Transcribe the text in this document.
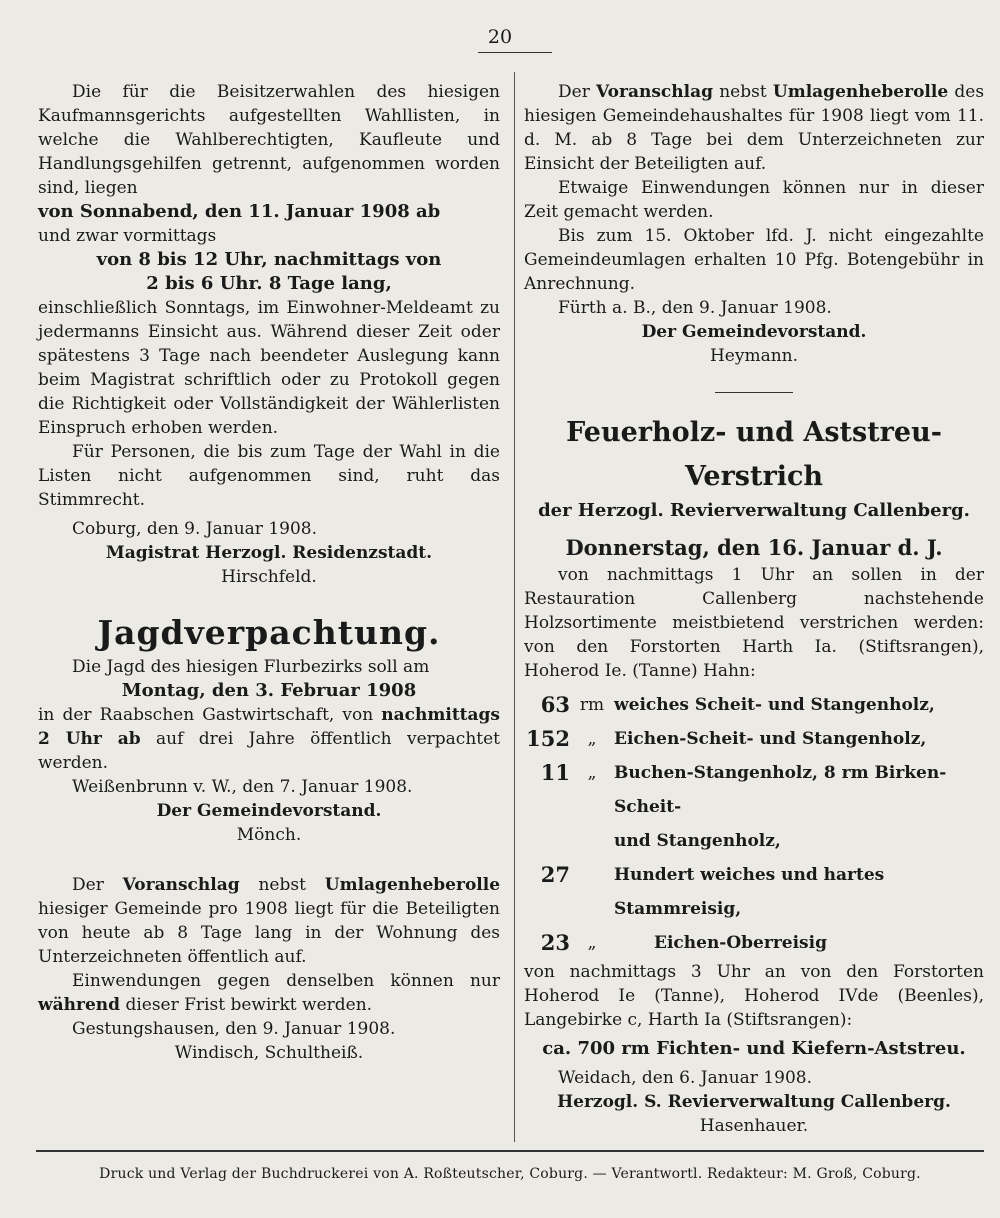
20

Die für die Beisitzerwahlen des hiesigen Kaufmannsgerichts aufgestellten Wahllisten, in welche die Wahlberechtigten, Kaufleute und Handlungsgehilfen getrennt, aufgenommen worden sind, liegen

von Sonnabend, den 11. Januar 1908 ab

und zwar vormittags

von 8 bis 12 Uhr, nachmittags von

2 bis 6 Uhr. 8 Tage lang,

einschließlich Sonntags, im Einwohner-Meldeamt zu jedermanns Einsicht aus. Während dieser Zeit oder spätestens 3 Tage nach beendeter Auslegung kann beim Magistrat schriftlich oder zu Protokoll gegen die Richtigkeit oder Vollständigkeit der Wählerlisten Einspruch erhoben werden.

Für Personen, die bis zum Tage der Wahl in die Listen nicht aufgenommen sind, ruht das Stimmrecht.

Coburg, den 9. Januar 1908.

Magistrat Herzogl. Residenzstadt.

Hirschfeld.

Jagdverpachtung.

Die Jagd des hiesigen Flurbezirks soll am

Montag, den 3. Februar 1908

in der Raabschen Gastwirtschaft, von nachmittags 2 Uhr ab auf drei Jahre öffentlich verpachtet werden.

Weißenbrunn v. W., den 7. Januar 1908.

Der Gemeindevorstand.

Mönch.

Der Voranschlag nebst Umlagenheberolle hiesiger Gemeinde pro 1908 liegt für die Beteiligten von heute ab 8 Tage lang in der Wohnung des Unterzeichneten öffentlich auf.

Einwendungen gegen denselben können nur während dieser Frist bewirkt werden.

Gestungshausen, den 9. Januar 1908.

Windisch, Schultheiß.

Der Voranschlag nebst Umlagenheberolle des hiesigen Gemeindehaushaltes für 1908 liegt vom 11. d. M. ab 8 Tage bei dem Unterzeichneten zur Einsicht der Beteiligten auf.

Etwaige Einwendungen können nur in dieser Zeit gemacht werden.

Bis zum 15. Oktober lfd. J. nicht eingezahlte Gemeindeumlagen erhalten 10 Pfg. Botengebühr in Anrechnung.

Fürth a. B., den 9. Januar 1908.

Der Gemeindevorstand.

Heymann.

Feuerholz- und Aststreu-Verstrich

der Herzogl. Revierverwaltung Callenberg.

Donnerstag, den 16. Januar d. J.

von nachmittags 1 Uhr an sollen in der Restauration Callenberg nachstehende Holzsortimente meistbietend verstrichen werden: von den Forstorten Harth Ia. (Stiftsrangen), Hoherod Ie. (Tanne) Hahn:

63 rm weiches Scheit- und Stangenholz,
152	„	Eichen-Scheit- und Stangenholz,
11	„	Buchen-Stangenholz, 8 rm Birken-Scheit-
und Stangenholz,
27	Hundert weiches und hartes Stammreisig,
23	„	Eichen-Oberreisig

von nachmittags 3 Uhr an von den Forstorten Hoherod Ie (Tanne), Hoherod IVde (Beenles), Langebirke c, Harth Ia (Stiftsrangen):

ca. 700 rm Fichten- und Kiefern-Aststreu.

Weidach, den 6. Januar 1908.

Herzogl. S. Revierverwaltung Callenberg.

Hasenhauer.

Druck und Verlag der Buchdruckerei von A. Roßteutscher, Coburg. — Verantwortl. Redakteur: M. Groß, Coburg.
